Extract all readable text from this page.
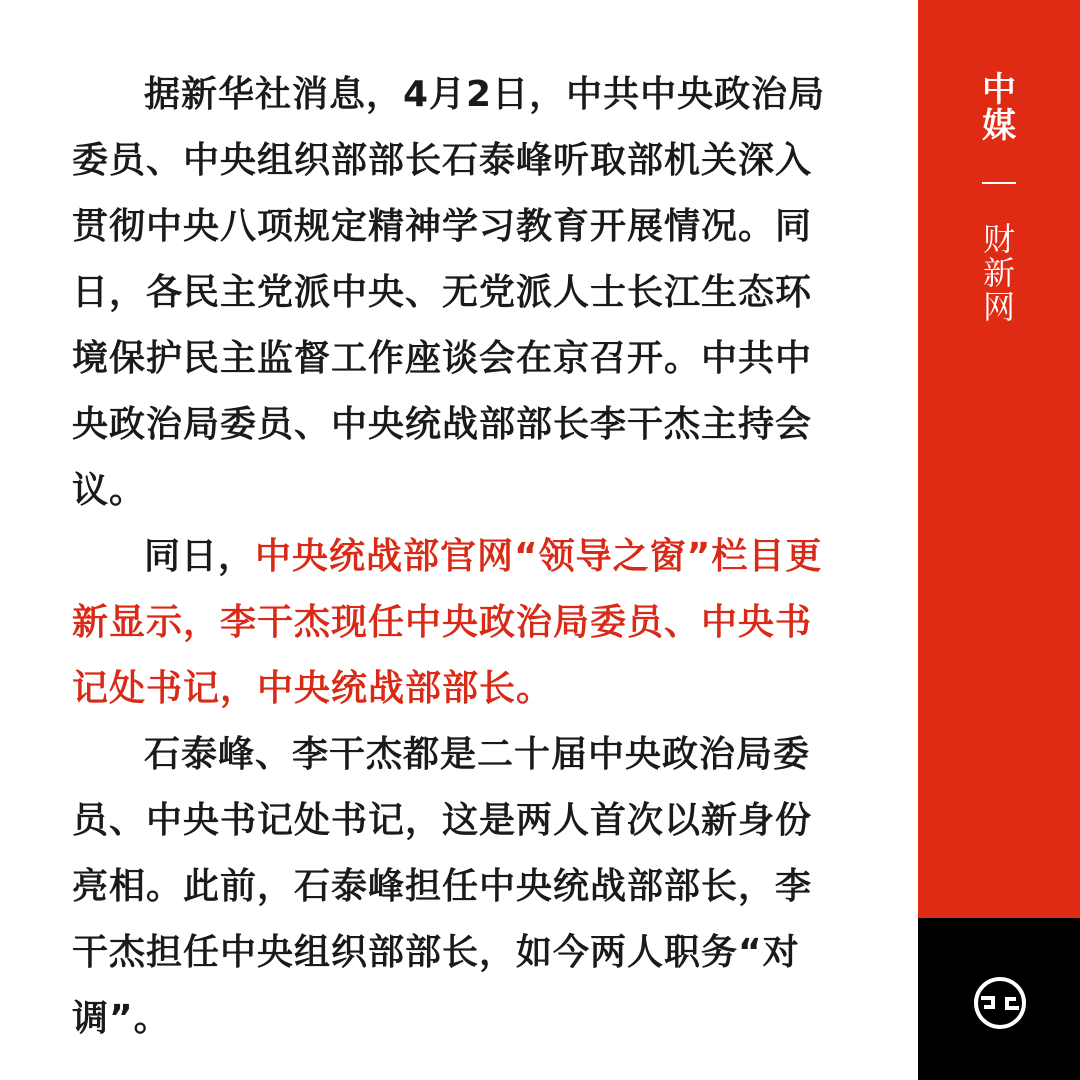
据新华社消息，4月2日，中共中央政治局委员、中央组织部部长石泰峰听取部机关深入贯彻中央八项规定精神学习教育开展情况。同日，各民主党派中央、无党派人士长江生态环境保护民主监督工作座谈会在京召开。中共中央政治局委员、中央统战部部长李干杰主持会议。

同日，中央统战部官网“领导之窗”栏目更新显示，李干杰现任中央政治局委员、中央书记处书记，中央统战部部长。

石泰峰、李干杰都是二十届中央政治局委员、中央书记处书记，这是两人首次以新身份亮相。此前，石泰峰担任中央统战部部长，李干杰担任中央组织部部长，如今两人职务“对调”。

中媒
财新网
